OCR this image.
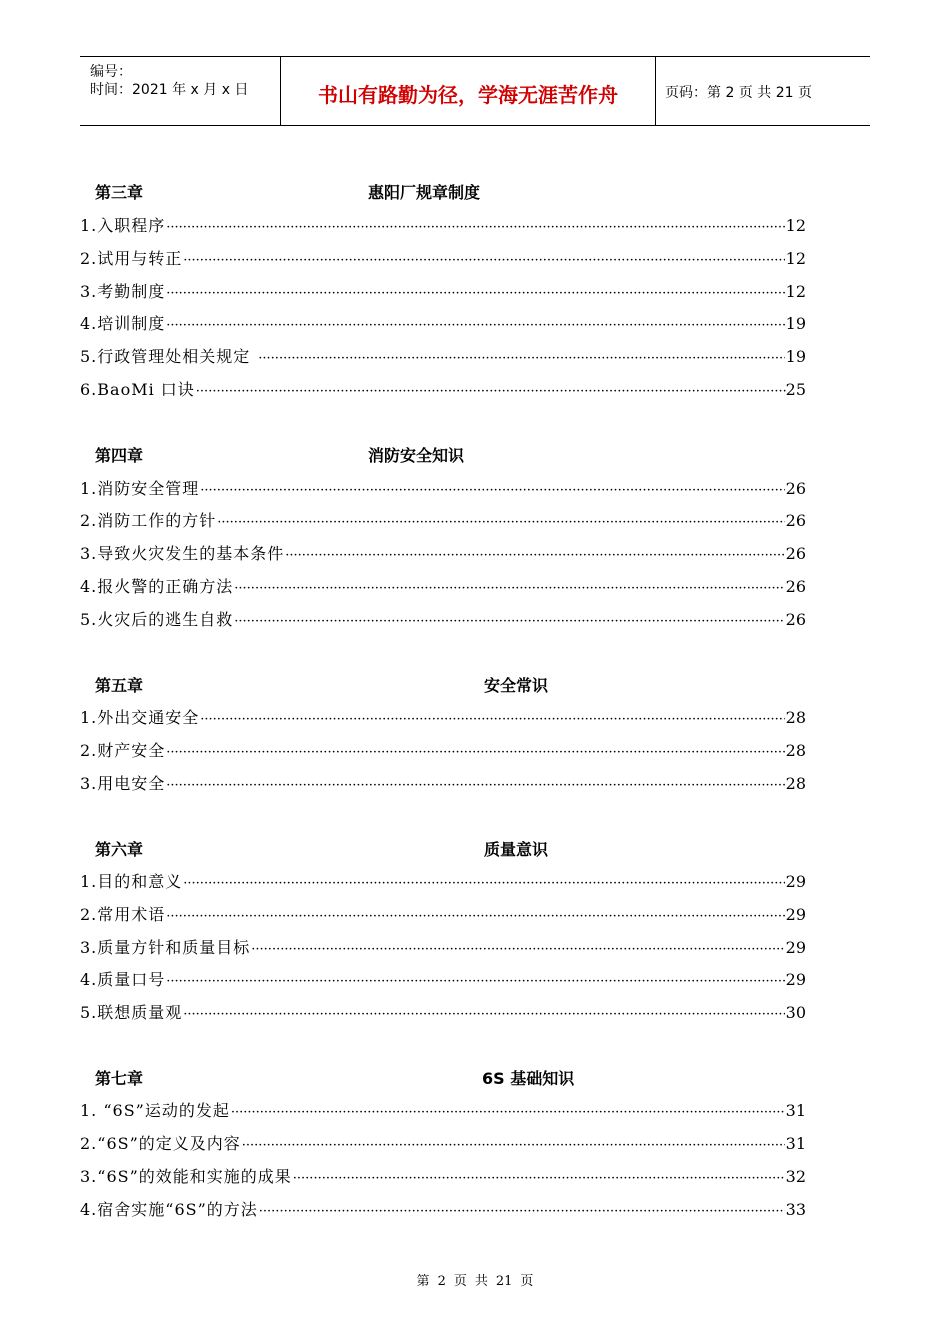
编号：
时间：2021 年 x 月 x 日	书山有路勤为径，学海无涯苦作舟	页码：第 2 页 共 21 页
第三章	惠阳厂规章制度
1.入职程序 ·····	12
2.试用与转正 ·····	12
3.考勤制度 ·····	12
4.培训制度 ·····	19
5.行政管理处相关规定 ·····	19
6.BaoMi 口诀 ·····	25
第四章	消防安全知识
1.消防安全管理 ·····	26
2.消防工作的方针 ·····	26
3.导致火灾发生的基本条件 ·····	26
4.报火警的正确方法 ·····	26
5.火灾后的逃生自救 ·····	26
第五章	安全常识
1.外出交通安全 ·····	28
2.财产安全 ·····	28
3.用电安全 ·····	28
第六章	质量意识
1.目的和意义 ·····	29
2.常用术语 ·····	29
3.质量方针和质量目标 ·····	29
4.质量口号 ·····	29
5.联想质量观 ·····	30
第七章	6S 基础知识
1. “6S”运动的发起 ·····	31
2.“6S”的定义及内容 ·····	31
3.“6S”的效能和实施的成果 ·····	32
4.宿舍实施“6S”的方法 ·····	33
第 2 页 共 21 页
